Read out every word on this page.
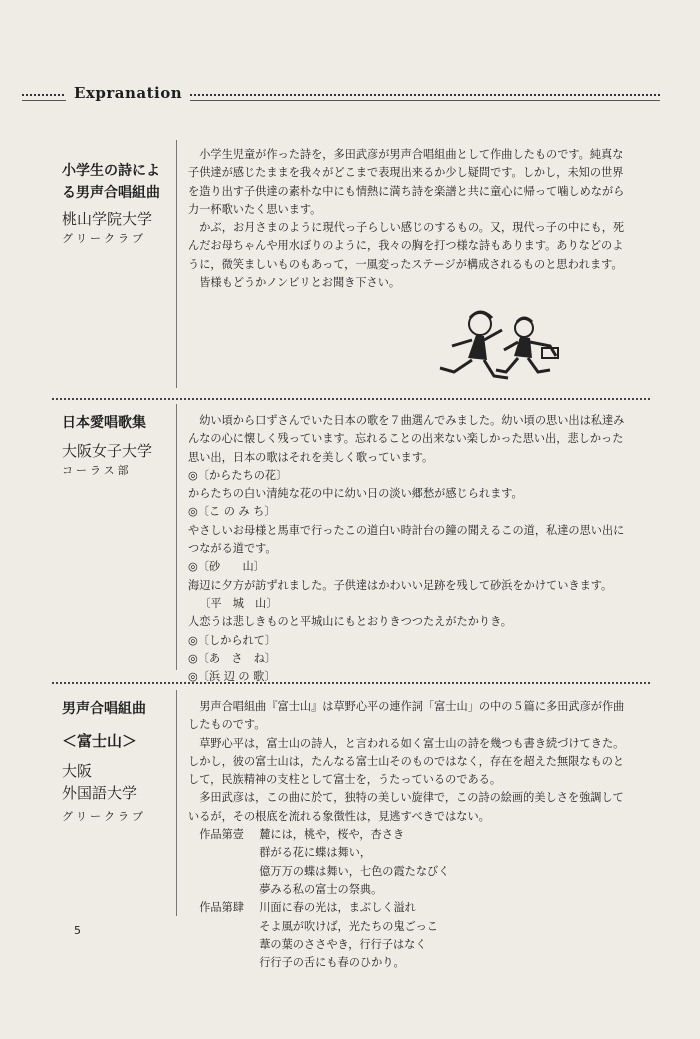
Expranation

小学生の詩による男声合唱組曲

桃山学院大学

グリークラブ

小学生児童が作った詩を，多田武彦が男声合唱組曲として作曲したものです。純真な子供達が感じたままを我々がどこまで表現出来るか少し疑問です。しかし，未知の世界を造り出す子供達の素朴な中にも情熱に満ち詩を楽譜と共に童心に帰って噛しめながら力一杯歌いたく思います。

かぶ，お月さまのように現代っ子らしい感じのするもの。又，現代っ子の中にも，死んだお母ちゃんや用水ぼりのように，我々の胸を打つ様な詩もあります。ありなどのように，微笑ましいものもあって，一風変ったステージが構成されるものと思われます。

皆様もどうかノンビリとお聞き下さい。

日本愛唱歌集

大阪女子大学

コーラス部

幼い頃から口ずさんでいた日本の歌を７曲選んでみました。幼い頃の思い出は私達みんなの心に懐しく残っています。忘れることの出来ない楽しかった思い出，悲しかった思い出，日本の歌はそれを美しく歌っています。

◎〔からたちの花〕

からたちの白い清純な花の中に幼い日の淡い郷愁が感じられます。

◎〔こ の み ち〕

やさしいお母様と馬車で行ったこの道白い時計台の鐘の聞えるこの道，私達の思い出につながる道です。

◎〔砂　　山〕

海辺に夕方が訪ずれました。子供達はかわいい足跡を残して砂浜をかけていきます。

〔平　城　山〕

人恋うは悲しきものと平城山にもとおりきつつたえがたかりき。

◎〔しかられて〕

◎〔あ　さ　ね〕

◎〔浜 辺 の 歌〕

男声合唱組曲

＜富士山＞

大阪

外国語大学

グリークラブ

男声合唱組曲『富士山』は草野心平の連作詞「富士山」の中の５篇に多田武彦が作曲したものです。

草野心平は，富士山の詩人，と言われる如く富士山の詩を幾つも書き続づけてきた。しかし，彼の富士山は，たんなる富士山そのものではなく，存在を超えた無限なものとして，民族精神の支柱として富士を，うたっているのである。

多田武彦は，この曲に於て，独特の美しい旋律で，この詩の絵画的美しさを強調しているが，その根底を流れる象徴性は，見逃すべきではない。

作品第壹	麓には，桃や，桜や，杏さき

群がる花に蝶は舞い，

億万万の蝶は舞い，七色の霞たなびく

夢みる私の富士の祭典。

作品第肆	川面に春の光は，まぶしく溢れ

そよ風が吹けば，光たちの鬼ごっこ

葦の葉のささやき，行行子はなく

行行子の舌にも春のひかり。

5
